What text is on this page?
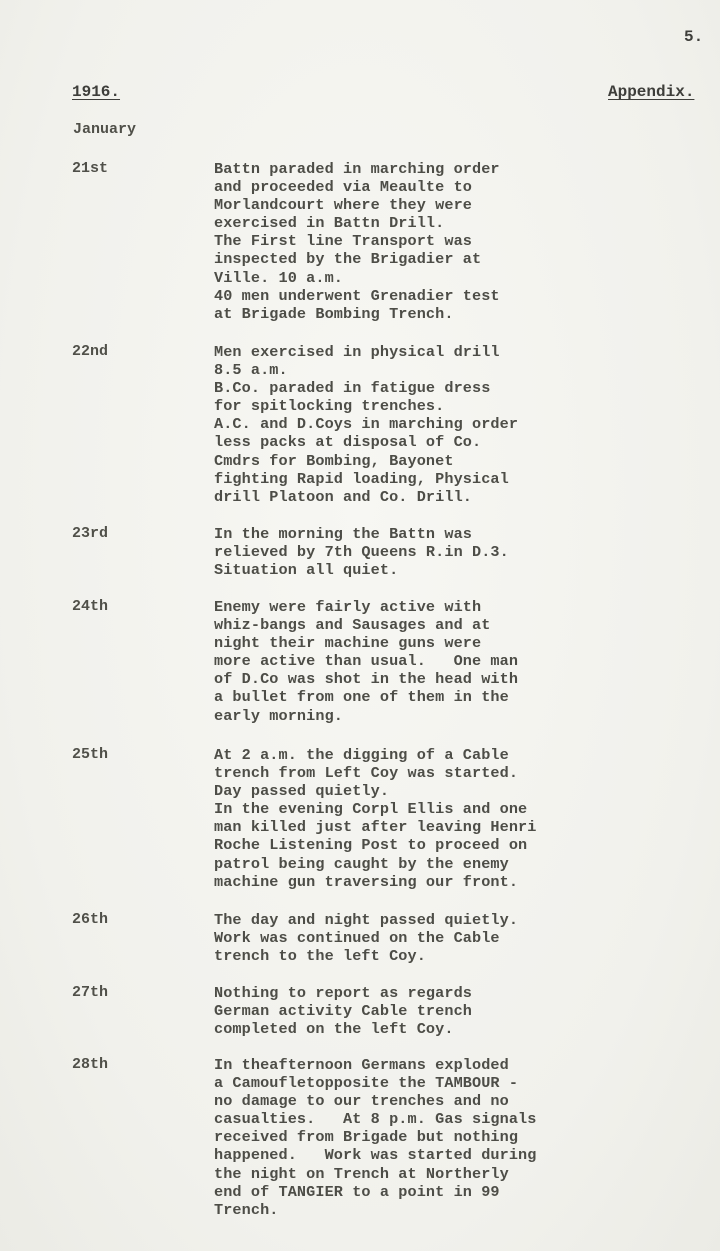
5.
1916.	Appendix.
January
21st	Battn paraded in marching order
and proceeded via Meaulte to
Morlandcourt where they were
exercised in Battn Drill.
The First line Transport was
inspected by the Brigadier at
Ville. 10 a.m.
40 men underwent Grenadier test
at Brigade Bombing Trench.
22nd	Men exercised in physical drill
8.5 a.m.
B.Co. paraded in fatigue dress
for spitlocking trenches.
A.C. and D.Coys in marching order
less packs at disposal of Co.
Cmdrs for Bombing, Bayonet
fighting Rapid loading, Physical
drill Platoon and Co. Drill.
23rd	In the morning the Battn was
relieved by 7th Queens R.in D.3.
Situation all quiet.
24th	Enemy were fairly active with
whiz-bangs and Sausages and at
night their machine guns were
more active than usual.   One man
of D.Co was shot in the head with
a bullet from one of them in the
early morning.
25th	At 2 a.m. the digging of a Cable
trench from Left Coy was started.
Day passed quietly.
In the evening Corpl Ellis and one
man killed just after leaving Henri
Roche Listening Post to proceed on
patrol being caught by the enemy
machine gun traversing our front.
26th	The day and night passed quietly.
Work was continued on the Cable
trench to the left Coy.
27th	Nothing to report as regards
German activity Cable trench
completed on the left Coy.
28th	In theafternoon Germans exploded
a Camoufletopposite the TAMBOUR -
no damage to our trenches and no
casualties.   At 8 p.m. Gas signals
received from Brigade but nothing
happened.   Work was started during
the night on Trench at Northerly
end of TANGIER to a point in 99
Trench.
